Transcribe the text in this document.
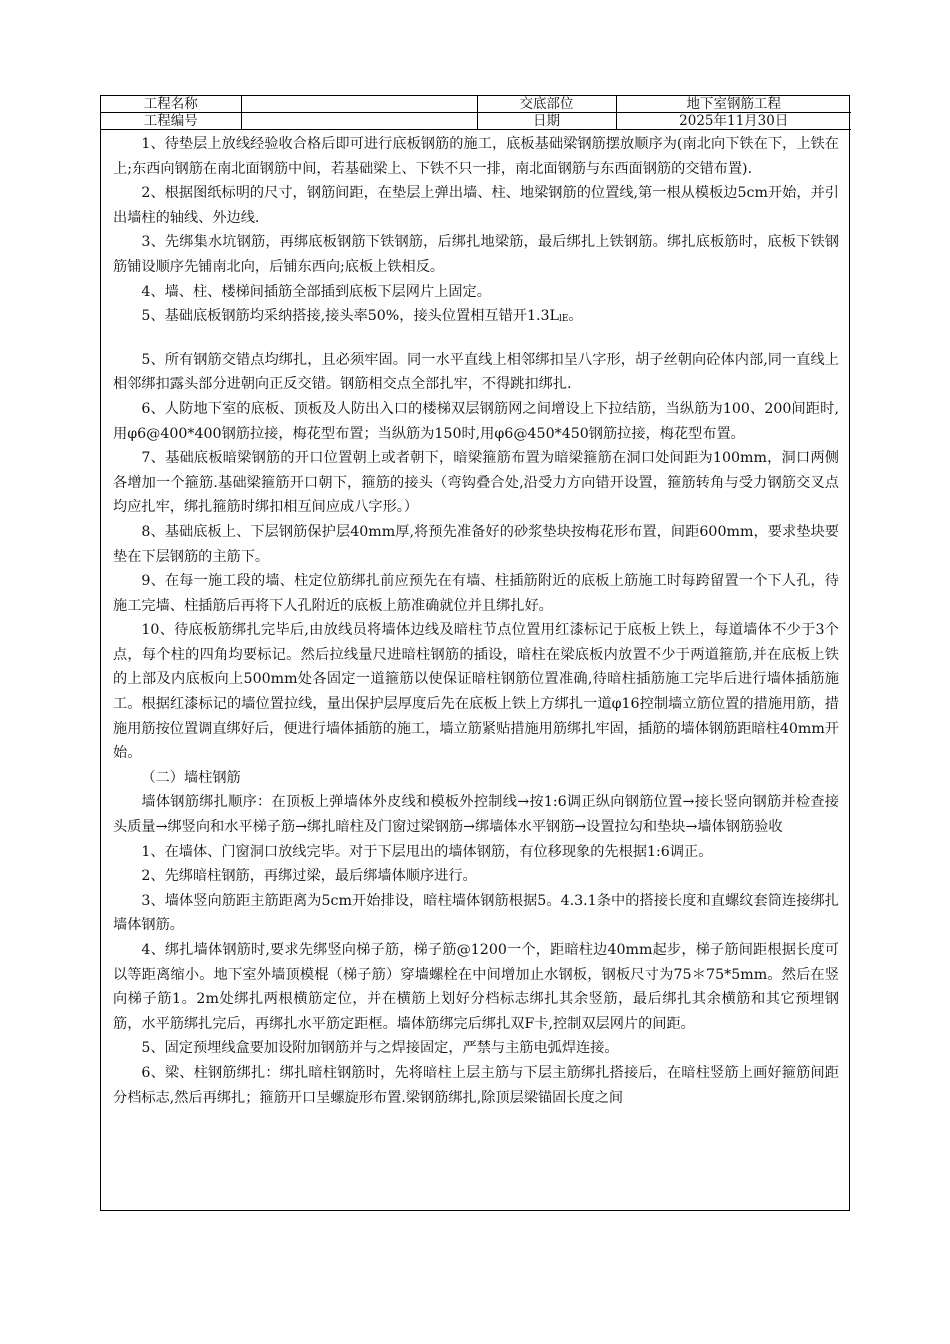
工程名称		交底部位	地下室钢筋工程
工程编号		日期	2025年11月30日

1、待垫层上放线经验收合格后即可进行底板钢筋的施工，底板基础梁钢筋摆放顺序为(南北向下铁在下，上铁在上;东西向钢筋在南北面钢筋中间，若基础梁上、下铁不只一排，南北面钢筋与东西面钢筋的交错布置).

2、根据图纸标明的尺寸，钢筋间距，在垫层上弹出墙、柱、地梁钢筋的位置线,第一根从模板边5cm开始，并引出墙柱的轴线、外边线.

3、先绑集水坑钢筋，再绑底板钢筋下铁钢筋，后绑扎地梁筋，最后绑扎上铁钢筋。绑扎底板筋时，底板下铁钢筋铺设顺序先铺南北向，后铺东西向;底板上铁相反。

4、墙、柱、楼梯间插筋全部插到底板下层网片上固定。

5、基础底板钢筋均采纳搭接,接头率50%，接头位置相互错开$1.3L_{lE}$。

5、所有钢筋交错点均绑扎，且必须牢固。同一水平直线上相邻绑扣呈八字形，胡子丝朝向砼体内部,同一直线上相邻绑扣露头部分进朝向正反交错。钢筋相交点全部扎牢，不得跳扣绑扎.

6、人防地下室的底板、顶板及人防出入口的楼梯双层钢筋网之间增设上下拉结筋，当纵筋为100、200间距时,用φ6@400*400钢筋拉接，梅花型布置；当纵筋为150时,用φ6@450*450钢筋拉接，梅花型布置。

7、基础底板暗梁钢筋的开口位置朝上或者朝下，暗梁箍筋布置为暗梁箍筋在洞口处间距为100mm，洞口两侧各增加一个箍筋.基础梁箍筋开口朝下，箍筋的接头（弯钩叠合处,沿受力方向错开设置，箍筋转角与受力钢筋交叉点均应扎牢，绑扎箍筋时绑扣相互间应成八字形。）

8、基础底板上、下层钢筋保护层40mm厚,将预先准备好的砂浆垫块按梅花形布置，间距600mm，要求垫块要垫在下层钢筋的主筋下。

9、在每一施工段的墙、柱定位筋绑扎前应预先在有墙、柱插筋附近的底板上筋施工时每跨留置一个下人孔，待施工完墙、柱插筋后再将下人孔附近的底板上筋准确就位并且绑扎好。

10、待底板筋绑扎完毕后,由放线员将墙体边线及暗柱节点位置用红漆标记于底板上铁上，每道墙体不少于3个点，每个柱的四角均要标记。然后拉线量尺进暗柱钢筋的插设，暗柱在梁底板内放置不少于两道箍筋,并在底板上铁的上部及内底板向上500mm处各固定一道箍筋以使保证暗柱钢筋位置准确,待暗柱插筋施工完毕后进行墙体插筋施工。根据红漆标记的墙位置拉线，量出保护层厚度后先在底板上铁上方绑扎一道φ16控制墙立筋位置的措施用筋，措施用筋按位置调直绑好后，便进行墙体插筋的施工，墙立筋紧贴措施用筋绑扎牢固，插筋的墙体钢筋距暗柱40mm开始。

（二）墙柱钢筋

墙体钢筋绑扎顺序：在顶板上弹墙体外皮线和模板外控制线→按1:6调正纵向钢筋位置→接长竖向钢筋并检查接头质量→绑竖向和水平梯子筋→绑扎暗柱及门窗过梁钢筋→绑墙体水平钢筋→设置拉勾和垫块→墙体钢筋验收

1、在墙体、门窗洞口放线完毕。对于下层甩出的墙体钢筋，有位移现象的先根据1:6调正。

2、先绑暗柱钢筋，再绑过梁，最后绑墙体顺序进行。

3、墙体竖向筋距主筋距离为5cm开始排设，暗柱墙体钢筋根据5。4.3.1条中的搭接长度和直螺纹套筒连接绑扎墙体钢筋。

4、绑扎墙体钢筋时,要求先绑竖向梯子筋，梯子筋@1200一个，距暗柱边40mm起步，梯子筋间距根据长度可以等距离缩小。地下室外墙顶模棍（梯子筋）穿墙螺栓在中间增加止水钢板，钢板尺寸为75＊75*5mm。然后在竖向梯子筋1。2m处绑扎两根横筋定位，并在横筋上划好分档标志绑扎其余竖筋，最后绑扎其余横筋和其它预埋钢筋，水平筋绑扎完后，再绑扎水平筋定距框。墙体筋绑完后绑扎双F卡,控制双层网片的间距。

5、固定预埋线盒要加设附加钢筋并与之焊接固定，严禁与主筋电弧焊连接。

6、梁、柱钢筋绑扎：绑扎暗柱钢筋时，先将暗柱上层主筋与下层主筋绑扎搭接后，在暗柱竖筋上画好箍筋间距分档标志,然后再绑扎；箍筋开口呈螺旋形布置.梁钢筋绑扎,除顶层梁锚固长度之间
